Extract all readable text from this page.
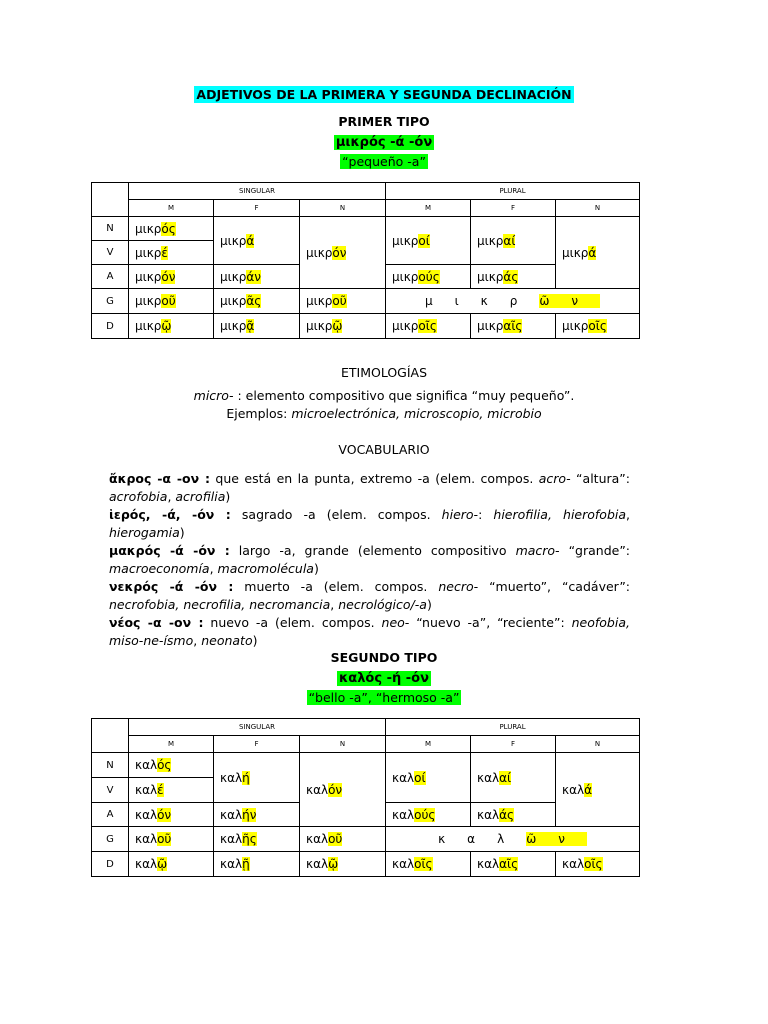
ADJETIVOS DE LA PRIMERA Y SEGUNDA DECLINACIÓN
PRIMER TIPO
μικρός -ά -όν
“pequeño -a”
	SINGULAR			PLURAL		
	M	F	N	M	F	N
N	μικρός	μικρά	μικρόν	μικροί	μικραί	μικρά
V	μικρέ					
A	μικρόν	μικράν		μικρούς	μικράς	
G	μικροῦ	μικρᾶς	μικροῦ	μικρῶν		
D	μικρῷ	μικρᾷ	μικρῷ	μικροῖς	μικραῖς	μικροῖς
ETIMOLOGÍAS
micro- : elemento compositivo que significa “muy pequeño”.
Ejemplos: microelectrónica, microscopio, microbio
VOCABULARIO

ἄκρος -α -ον : que está en la punta, extremo -a (elem. compos. acro- “altura”: acrofobia, acrofilia)

ἱερός, -ά, -όν : sagrado -a (elem. compos. hiero-: hierofilia, hierofobia, hierogamia)

μακρός -ά -όν : largo -a, grande (elemento compositivo macro- “grande”: macroeconomía, macromolécula)

νεκρός -ά -όν : muerto -a (elem. compos. necro- “muerto”, “cadáver”: necrofobia, necrofilia, necromancia, necrológico/-a)

νέος -α -ον : nuevo -a (elem. compos. neo- “nuevo -a”, “reciente”: neofobia, miso-ne-ísmo, neonato)

SEGUNDO TIPO
καλός -ή -όν
“bello -a”, “hermoso -a”
	SINGULAR			PLURAL		
	M	F	N	M	F	N
N	καλός	καλή	καλόν	καλοί	καλαί	καλά
V	καλέ					
A	καλόν	καλήν		καλούς	καλάς	
G	καλοῦ	καλῆς	καλοῦ	καλῶν		
D	καλῷ	καλῇ	καλῷ	καλοῖς	καλαῖς	καλοῖς
